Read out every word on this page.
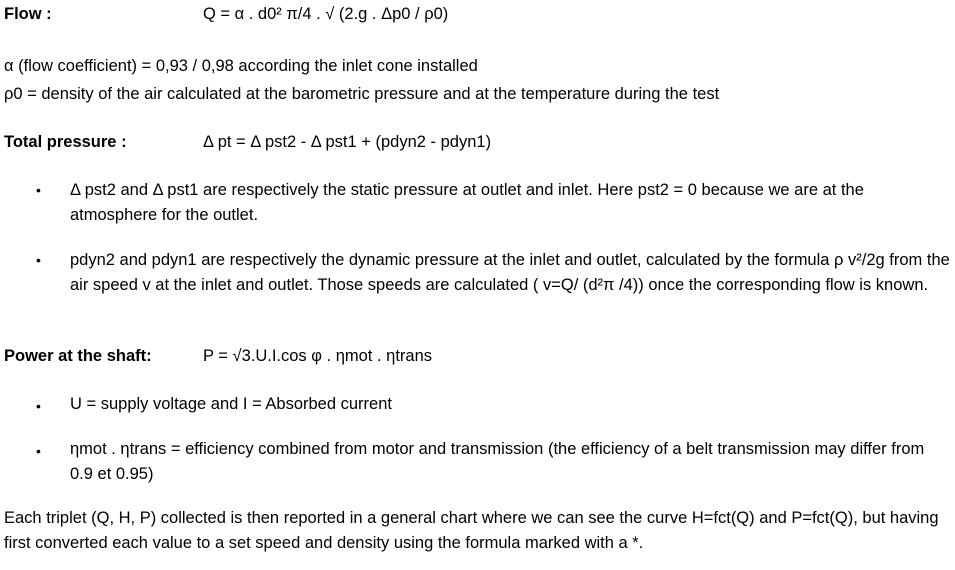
Flow :	Q = α . d0² π/4 . √ (2.g . Δp0 / ρ0)
α (flow coefficient) = 0,93 / 0,98 according the inlet cone installed
ρ0 = density of the air calculated at the barometric pressure and at the temperature during the test
Total pressure :	Δ pt = Δ pst2 - Δ pst1 + (pdyn2 - pdyn1)
• Δ pst2 and Δ pst1 are respectively the static pressure at outlet and inlet. Here pst2 = 0 because we are at the atmosphere for the outlet.
• pdyn2 and pdyn1 are respectively the dynamic pressure at the inlet and outlet, calculated by the formula ρ v²/2g from the air speed v at the inlet and outlet. Those speeds are calculated ( v=Q/ (d²π /4)) once the corresponding flow is known.
Power at the shaft:	P = √3.U.I.cos φ . ηmot . ηtrans
• U = supply voltage and I = Absorbed current
• ηmot . ηtrans = efficiency combined from motor and transmission (the efficiency of a belt transmission may differ from 0.9 et 0.95)
Each triplet (Q, H, P) collected is then reported in a general chart where we can see the curve H=fct(Q) and P=fct(Q), but having first converted each value to a set speed and density using the formula marked with a *.
